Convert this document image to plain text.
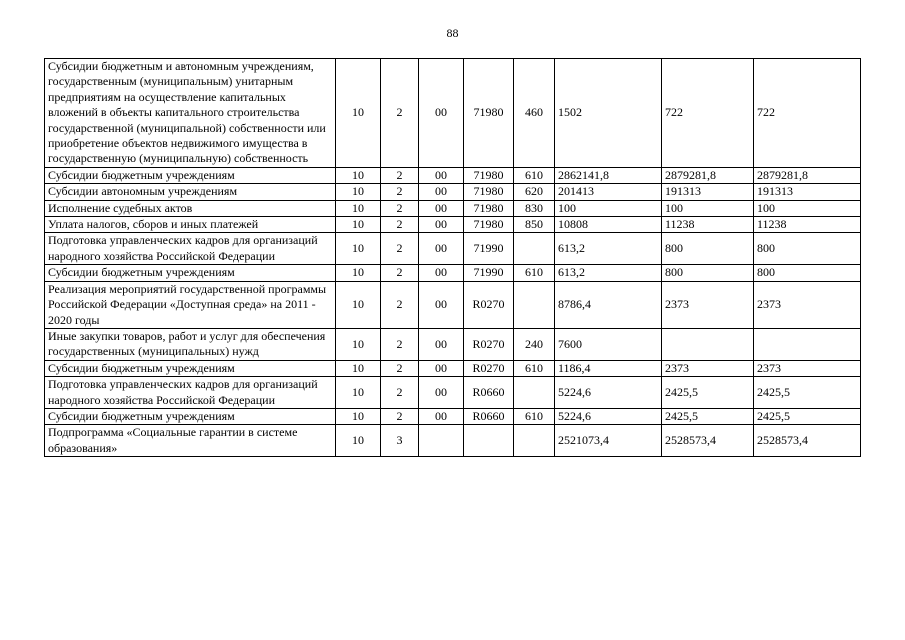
88
Субсидии бюджетным и автономным учреждениям, государственным (муниципальным) унитарным предприятиям на осуществление капитальных вложений в объекты капитального строительства государственной (муниципальной) собственности или приобретение объектов недвижимого имущества в государственную (муниципальную) собственность	10	2	00	71980	460	1502	722	722
Субсидии бюджетным учреждениям	10	2	00	71980	610	2862141,8	2879281,8	2879281,8
Субсидии автономным учреждениям	10	2	00	71980	620	201413	191313	191313
Исполнение судебных актов	10	2	00	71980	830	100	100	100
Уплата налогов, сборов и иных платежей	10	2	00	71980	850	10808	11238	11238
Подготовка управленческих кадров для организаций народного хозяйства Российской Федерации	10	2	00	71990		613,2	800	800
Субсидии бюджетным учреждениям	10	2	00	71990	610	613,2	800	800
Реализация мероприятий государственной программы Российской Федерации «Доступная среда» на 2011 - 2020 годы	10	2	00	R0270		8786,4	2373	2373
Иные закупки товаров, работ и услуг для обеспечения государственных (муниципальных) нужд	10	2	00	R0270	240	7600		
Субсидии бюджетным учреждениям	10	2	00	R0270	610	1186,4	2373	2373
Подготовка управленческих кадров для организаций народного хозяйства Российской Федерации	10	2	00	R0660		5224,6	2425,5	2425,5
Субсидии бюджетным учреждениям	10	2	00	R0660	610	5224,6	2425,5	2425,5
Подпрограмма «Социальные гарантии в системе образования»	10	3				2521073,4	2528573,4	2528573,4
